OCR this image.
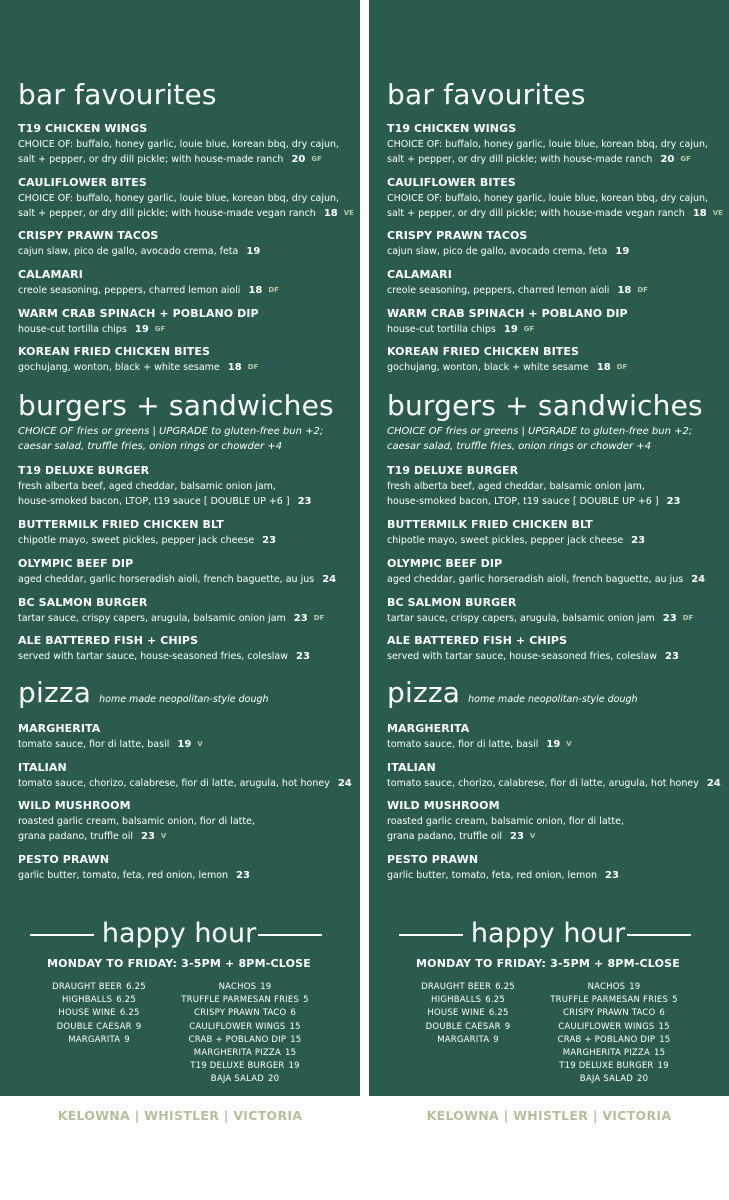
bar favourites
T19 CHICKEN WINGS
CHOICE OF: buffalo, honey garlic, louie blue, korean bbq, dry cajun,
salt + pepper, or dry dill pickle; with house-made ranch 20 GF
CAULIFLOWER BITES
CHOICE OF: buffalo, honey garlic, louie blue, korean bbq, dry cajun,
salt + pepper, or dry dill pickle; with house-made vegan ranch 18 VE
CRISPY PRAWN TACOS
cajun slaw, pico de gallo, avocado crema, feta 19
CALAMARI
creole seasoning, peppers, charred lemon aioli 18 DF
WARM CRAB SPINACH + POBLANO DIP
house-cut tortilla chips 19 GF
KOREAN FRIED CHICKEN BITES
gochujang, wonton, black + white sesame 18 DF
burgers + sandwiches
CHOICE OF fries or greens | UPGRADE to gluten-free bun +2;
caesar salad, truffle fries, onion rings or chowder +4
T19 DELUXE BURGER
fresh alberta beef, aged cheddar, balsamic onion jam,
house-smoked bacon, LTOP, t19 sauce [ DOUBLE UP +6 ] 23
BUTTERMILK FRIED CHICKEN BLT
chipotle mayo, sweet pickles, pepper jack cheese 23
OLYMPIC BEEF DIP
aged cheddar, garlic horseradish aioli, french baguette, au jus 24
BC SALMON BURGER
tartar sauce, crispy capers, arugula, balsamic onion jam 23 DF
ALE BATTERED FISH + CHIPS
served with tartar sauce, house-seasoned fries, coleslaw 23
pizza home made neopolitan-style dough
MARGHERITA
tomato sauce, fior di latte, basil 19 V
ITALIAN
tomato sauce, chorizo, calabrese, fior di latte, arugula, hot honey 24
WILD MUSHROOM
roasted garlic cream, balsamic onion, fior di latte,
grana padano, truffle oil 23 V
PESTO PRAWN
garlic butter, tomato, feta, red onion, lemon 23
happy hour
MONDAY TO FRIDAY: 3-5PM + 8PM-CLOSE
DRAUGHT BEER 6.25
HIGHBALLS 6.25
HOUSE WINE 6.25
DOUBLE CAESAR 9
MARGARITA 9
NACHOS 19
TRUFFLE PARMESAN FRIES 5
CRISPY PRAWN TACO 6
CAULIFLOWER WINGS 15
CRAB + POBLANO DIP 15
MARGHERITA PIZZA 15
T19 DELUXE BURGER 19
BAJA SALAD 20
bar favourites
T19 CHICKEN WINGS
CHOICE OF: buffalo, honey garlic, louie blue, korean bbq, dry cajun,
salt + pepper, or dry dill pickle; with house-made ranch 20 GF
CAULIFLOWER BITES
CHOICE OF: buffalo, honey garlic, louie blue, korean bbq, dry cajun,
salt + pepper, or dry dill pickle; with house-made vegan ranch 18 VE
CRISPY PRAWN TACOS
cajun slaw, pico de gallo, avocado crema, feta 19
CALAMARI
creole seasoning, peppers, charred lemon aioli 18 DF
WARM CRAB SPINACH + POBLANO DIP
house-cut tortilla chips 19 GF
KOREAN FRIED CHICKEN BITES
gochujang, wonton, black + white sesame 18 DF
burgers + sandwiches
CHOICE OF fries or greens | UPGRADE to gluten-free bun +2;
caesar salad, truffle fries, onion rings or chowder +4
T19 DELUXE BURGER
fresh alberta beef, aged cheddar, balsamic onion jam,
house-smoked bacon, LTOP, t19 sauce [ DOUBLE UP +6 ] 23
BUTTERMILK FRIED CHICKEN BLT
chipotle mayo, sweet pickles, pepper jack cheese 23
OLYMPIC BEEF DIP
aged cheddar, garlic horseradish aioli, french baguette, au jus 24
BC SALMON BURGER
tartar sauce, crispy capers, arugula, balsamic onion jam 23 DF
ALE BATTERED FISH + CHIPS
served with tartar sauce, house-seasoned fries, coleslaw 23
pizza home made neopolitan-style dough
MARGHERITA
tomato sauce, fior di latte, basil 19 V
ITALIAN
tomato sauce, chorizo, calabrese, fior di latte, arugula, hot honey 24
WILD MUSHROOM
roasted garlic cream, balsamic onion, fior di latte,
grana padano, truffle oil 23 V
PESTO PRAWN
garlic butter, tomato, feta, red onion, lemon 23
happy hour
MONDAY TO FRIDAY: 3-5PM + 8PM-CLOSE
DRAUGHT BEER 6.25
HIGHBALLS 6.25
HOUSE WINE 6.25
DOUBLE CAESAR 9
MARGARITA 9
NACHOS 19
TRUFFLE PARMESAN FRIES 5
CRISPY PRAWN TACO 6
CAULIFLOWER WINGS 15
CRAB + POBLANO DIP 15
MARGHERITA PIZZA 15
T19 DELUXE BURGER 19
BAJA SALAD 20
KELOWNA | WHISTLER | VICTORIA	KELOWNA | WHISTLER | VICTORIA
